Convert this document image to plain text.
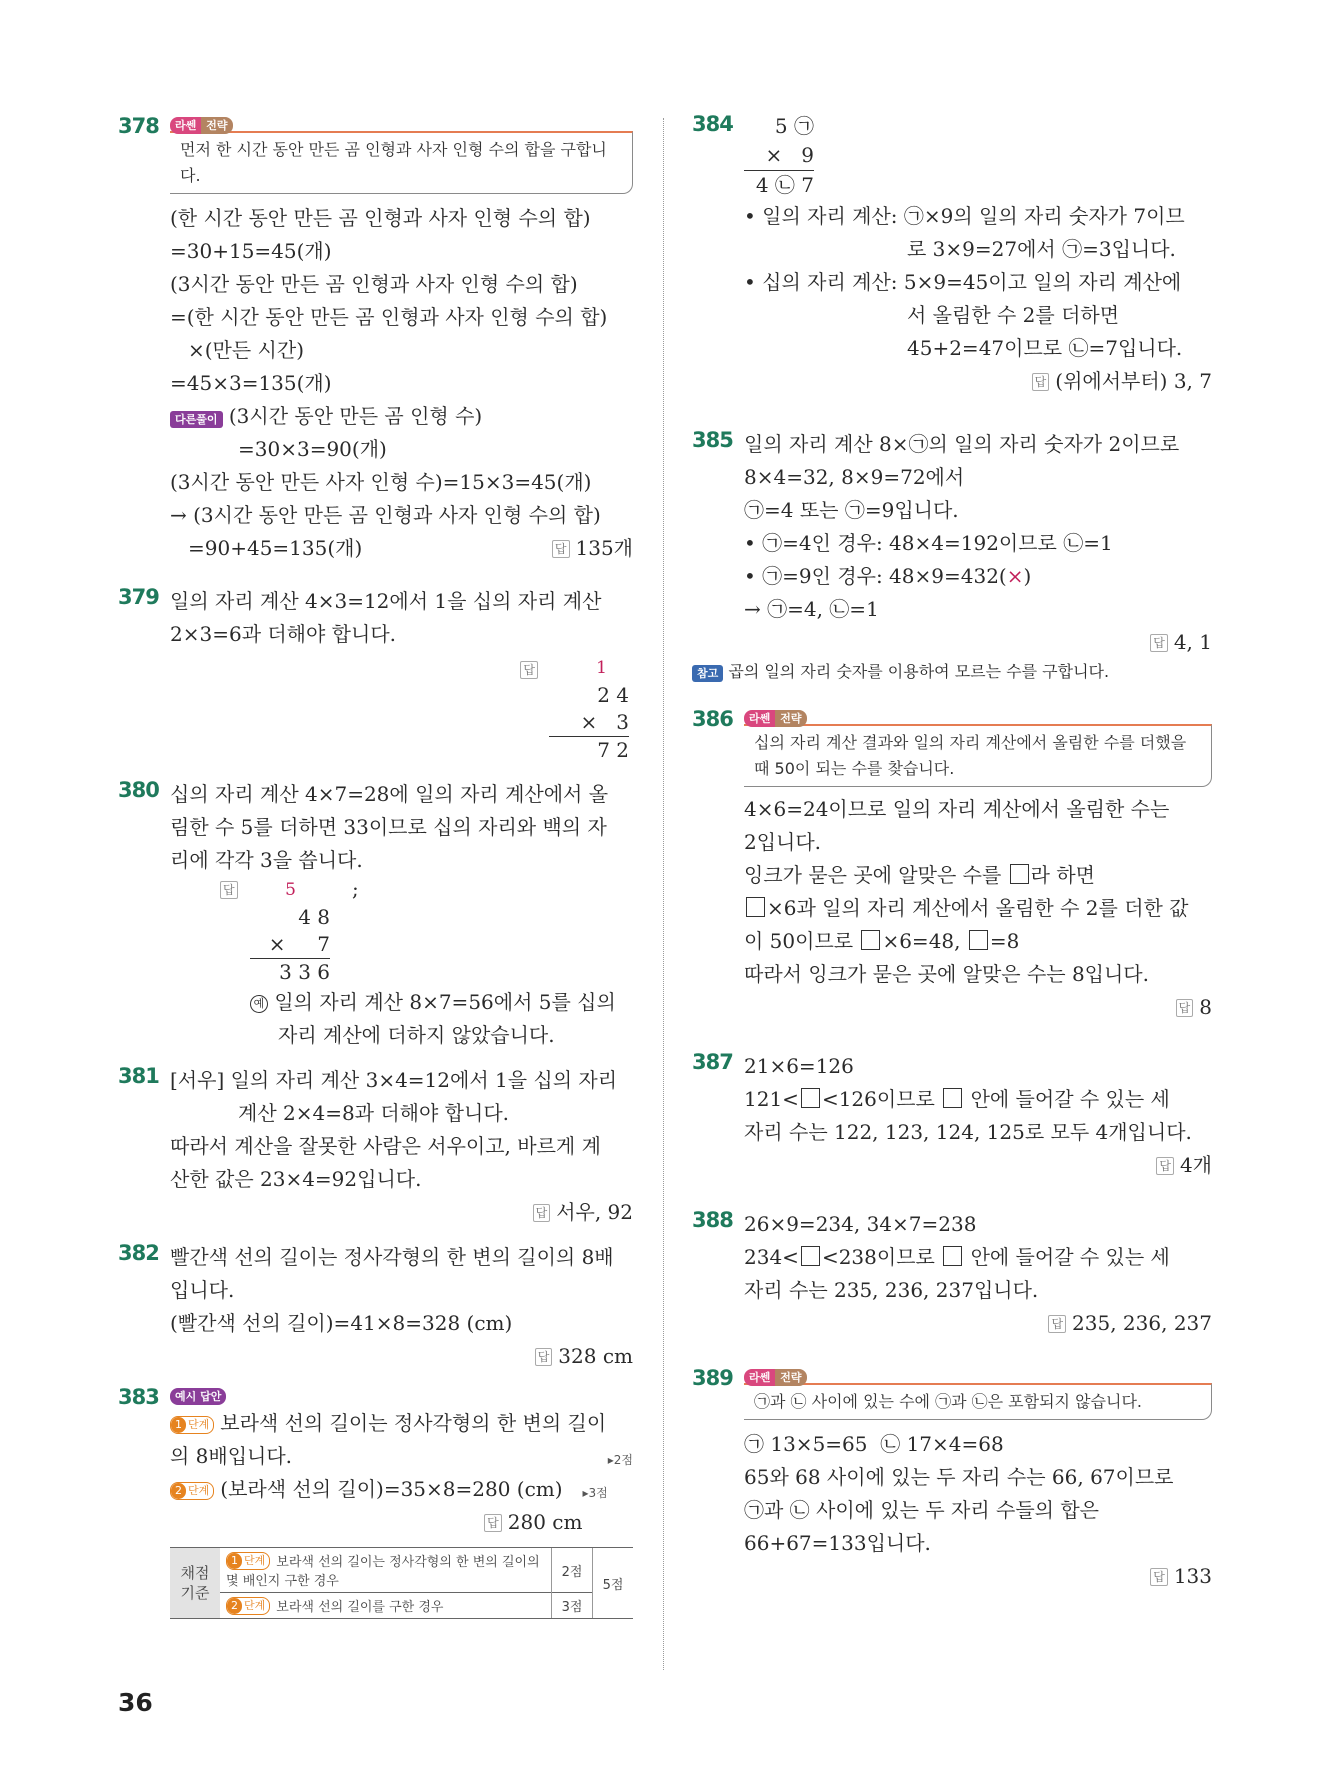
378	라쎈 전략
먼저 한 시간 동안 만든 곰 인형과 사자 인형 수의 합을 구합니다.
(한 시간 동안 만든 곰 인형과 사자 인형 수의 합)
=30+15=45(개)
(3시간 동안 만든 곰 인형과 사자 인형 수의 합)
=(한 시간 동안 만든 곰 인형과 사자 인형 수의 합)
×(만든 시간)
=45×3=135(개)
다른풀이 (3시간 동안 만든 곰 인형 수)
=30×3=90(개)
(3시간 동안 만든 사자 인형 수)=15×3=45(개)
→ (3시간 동안 만든 곰 인형과 사자 인형 수의 합)
=90+45=135(개)	답 135개
379 일의 자리 계산 4×3=12에서 1을 십의 자리 계산
2×3=6과 더해야 합니다.
답	1
2 4
×   3
7 2
380 십의 자리 계산 4×7=28에 일의 자리 계산에서 올
림한 수 5를 더하면 33이므로 십의 자리와 백의 자
리에 각각 3을 씁니다.
답	;
5
4 8
×     7
3 3 6
예 일의 자리 계산 8×7=56에서 5를 십의
자리 계산에 더하지 않았습니다.
381 [서우] 일의 자리 계산 3×4=12에서 1을 십의 자리
계산 2×4=8과 더해야 합니다.
따라서 계산을 잘못한 사람은 서우이고, 바르게 계
산한 값은 23×4=92입니다.
답 서우, 92
382 빨간색 선의 길이는 정사각형의 한 변의 길이의 8배
입니다.
(빨간색 선의 길이)=41×8=328 (cm)
답 328 cm
383	예시 답안
1 단계 보라색 선의 길이는 정사각형의 한 변의 길이
의 8배입니다.	▸2점
2 단계 (보라색 선의 길이)=35×8=280 (cm) ▸3점
답 280 cm
채점
기준	1 단계 보라색 선의 길이는 정사각형의 한 변의 길이의 몇 배인지 구한 경우	2점	5점
	2 단계 보라색 선의 길이를 구한 경우	3점	
384	5 ㉠
×   9
4 ㉡ 7
• 일의 자리 계산: ㉠×9의 일의 자리 숫자가 7이므
로 3×9=27에서 ㉠=3입니다.
• 십의 자리 계산: 5×9=45이고 일의 자리 계산에
서 올림한 수 2를 더하면
45+2=47이므로 ㉡=7입니다.
답 (위에서부터) 3, 7
385 일의 자리 계산 8×㉠의 일의 자리 숫자가 2이므로
8×4=32, 8×9=72에서
㉠=4 또는 ㉠=9입니다.
• ㉠=4인 경우: 48×4=192이므로 ㉡=1
• ㉠=9인 경우: 48×9=432(×)
→ ㉠=4, ㉡=1
답 4, 1
참고 곱의 일의 자리 숫자를 이용하여 모르는 수를 구합니다.
386	라쎈 전략
십의 자리 계산 결과와 일의 자리 계산에서 올림한 수를 더했을 때 50이 되는 수를 찾습니다.
4×6=24이므로 일의 자리 계산에서 올림한 수는
2입니다.
잉크가 묻은 곳에 알맞은 수를 라 하면
×6과 일의 자리 계산에서 올림한 수 2를 더한 값
이 50이므로 ×6=48, =8
따라서 잉크가 묻은 곳에 알맞은 수는 8입니다.
답 8
387 21×6=126
121< <126이므로 안에 들어갈 수 있는 세
자리 수는 122, 123, 124, 125로 모두 4개입니다.
답 4개
388 26×9=234, 34×7=238
234< <238이므로 안에 들어갈 수 있는 세
자리 수는 235, 236, 237입니다.
답 235, 236, 237
389	라쎈 전략
㉠과 ㉡ 사이에 있는 수에 ㉠과 ㉡은 포함되지 않습니다.
㉠ 13×5=65  ㉡ 17×4=68
65와 68 사이에 있는 두 자리 수는 66, 67이므로
㉠과 ㉡ 사이에 있는 두 자리 수들의 합은
66+67=133입니다.
답 133
36
